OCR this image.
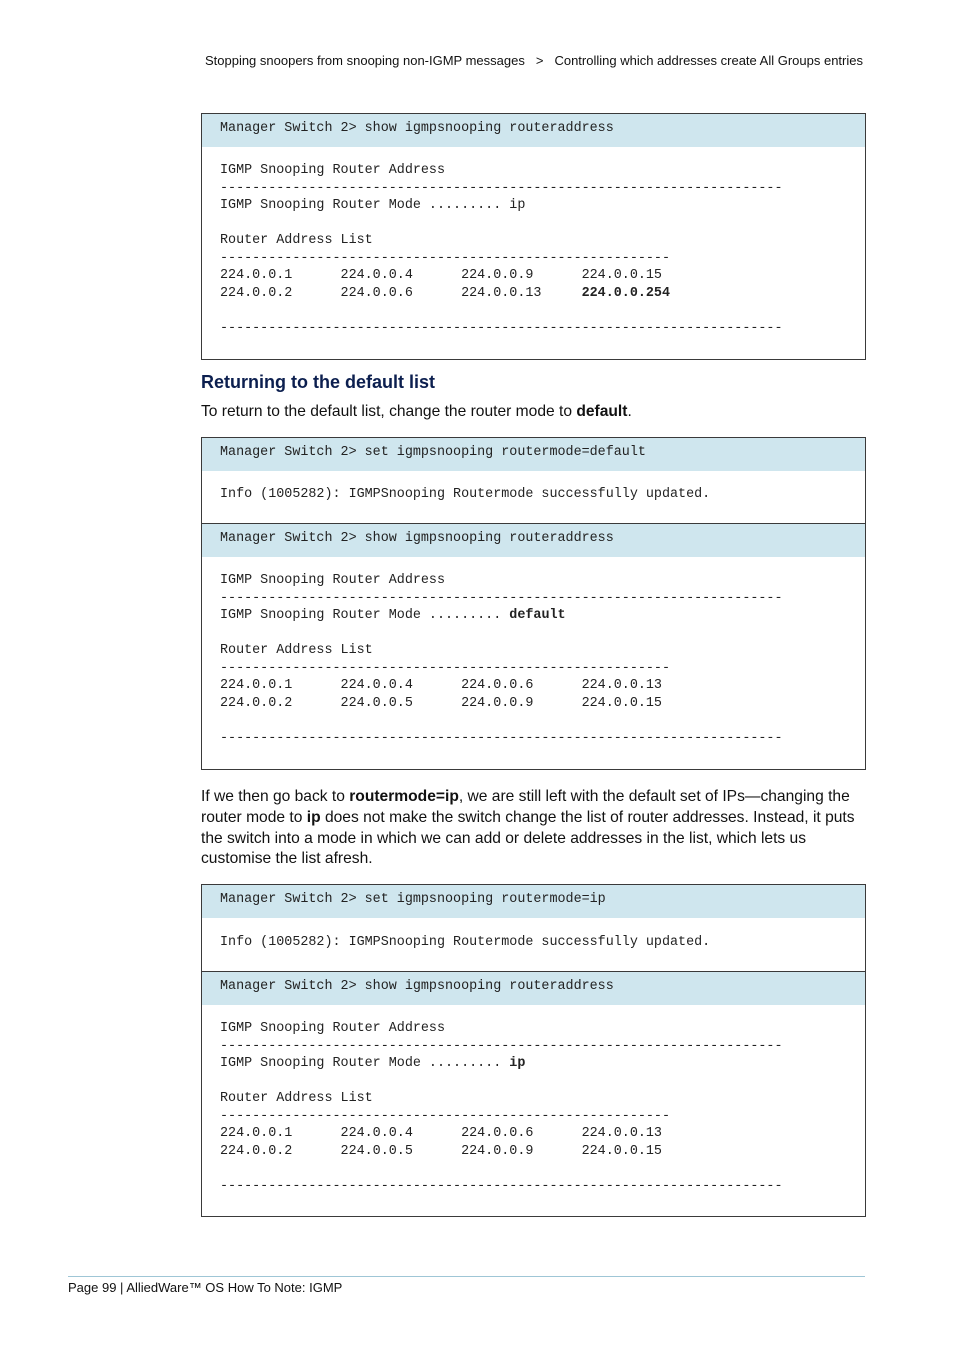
Stopping snoopers from snooping non-IGMP messages > Controlling which addresses create All Groups entries
Manager Switch 2> show igmpsnooping routeraddress
IGMP Snooping Router Address
----------------------------------------------------------------------
IGMP Snooping Router Mode ......... ip
Router Address List
--------------------------------------------------------
224.0.0.1      224.0.0.4      224.0.0.9      224.0.0.15
224.0.0.2      224.0.0.6      224.0.0.13     224.0.0.254
----------------------------------------------------------------------
Returning to the default list
To return to the default list, change the router mode to default.
Manager Switch 2> set igmpsnooping routermode=default
Info (1005282): IGMPSnooping Routermode successfully updated.
Manager Switch 2> show igmpsnooping routeraddress
IGMP Snooping Router Address
----------------------------------------------------------------------
IGMP Snooping Router Mode ......... default
Router Address List
--------------------------------------------------------
224.0.0.1      224.0.0.4      224.0.0.6      224.0.0.13
224.0.0.2      224.0.0.5      224.0.0.9      224.0.0.15
----------------------------------------------------------------------
If we then go back to routermode=ip, we are still left with the default set of IPs—changing the router mode to ip does not make the switch change the list of router addresses. Instead, it puts the switch into a mode in which we can add or delete addresses in the list, which lets us customise the list afresh.
Manager Switch 2> set igmpsnooping routermode=ip
Info (1005282): IGMPSnooping Routermode successfully updated.
Manager Switch 2> show igmpsnooping routeraddress
IGMP Snooping Router Address
----------------------------------------------------------------------
IGMP Snooping Router Mode ......... ip
Router Address List
--------------------------------------------------------
224.0.0.1      224.0.0.4      224.0.0.6      224.0.0.13
224.0.0.2      224.0.0.5      224.0.0.9      224.0.0.15
----------------------------------------------------------------------
Page 99 | AlliedWare™ OS How To Note: IGMP
